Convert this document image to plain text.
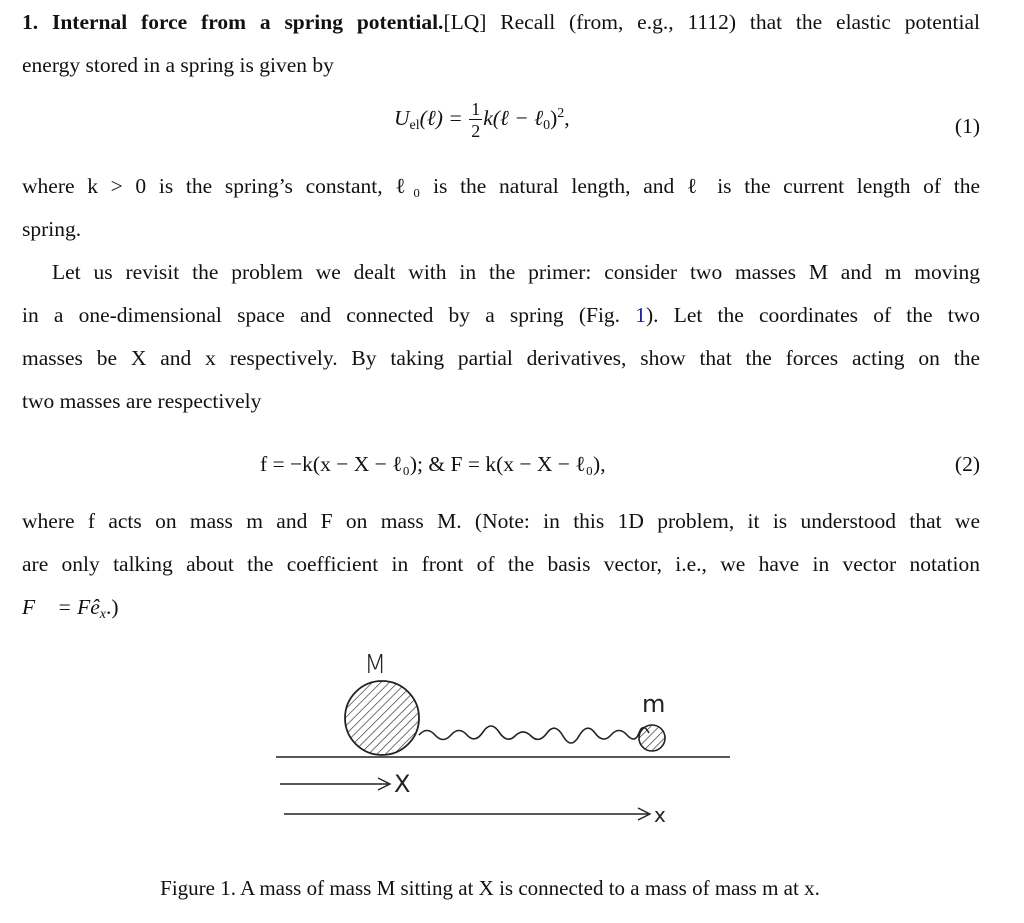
1. Internal force from a spring potential.[LQ] Recall (from, e.g., 1112) that the elastic potential
energy stored in a spring is given by
$U_{el}(\ell) = \frac{1}{2}$ k(ℓ − ℓ$_0$)$^2$,	(1)
where k > 0 is the spring’s constant, ℓ₀ is the natural length, and ℓ is the current length of the
spring.
Let us revisit the problem we dealt with in the primer: consider two masses M and m moving
in a one-dimensional space and connected by a spring (Fig. 1). Let the coordinates of the two
masses be X and x respectively. By taking partial derivatives, show that the forces acting on the
two masses are respectively
f = −k(x − X − ℓ₀); & F = k(x − X − ℓ₀),	(2)
where f acts on mass m and F on mass M. (Note: in this 1D problem, it is understood that we
are only talking about the coefficient in front of the basis vector, i.e., we have in vector notation
F⃗ = $Fê_x$.)
M
m
X
x
Figure 1. A mass of mass M sitting at X is connected to a mass of mass m at x.
